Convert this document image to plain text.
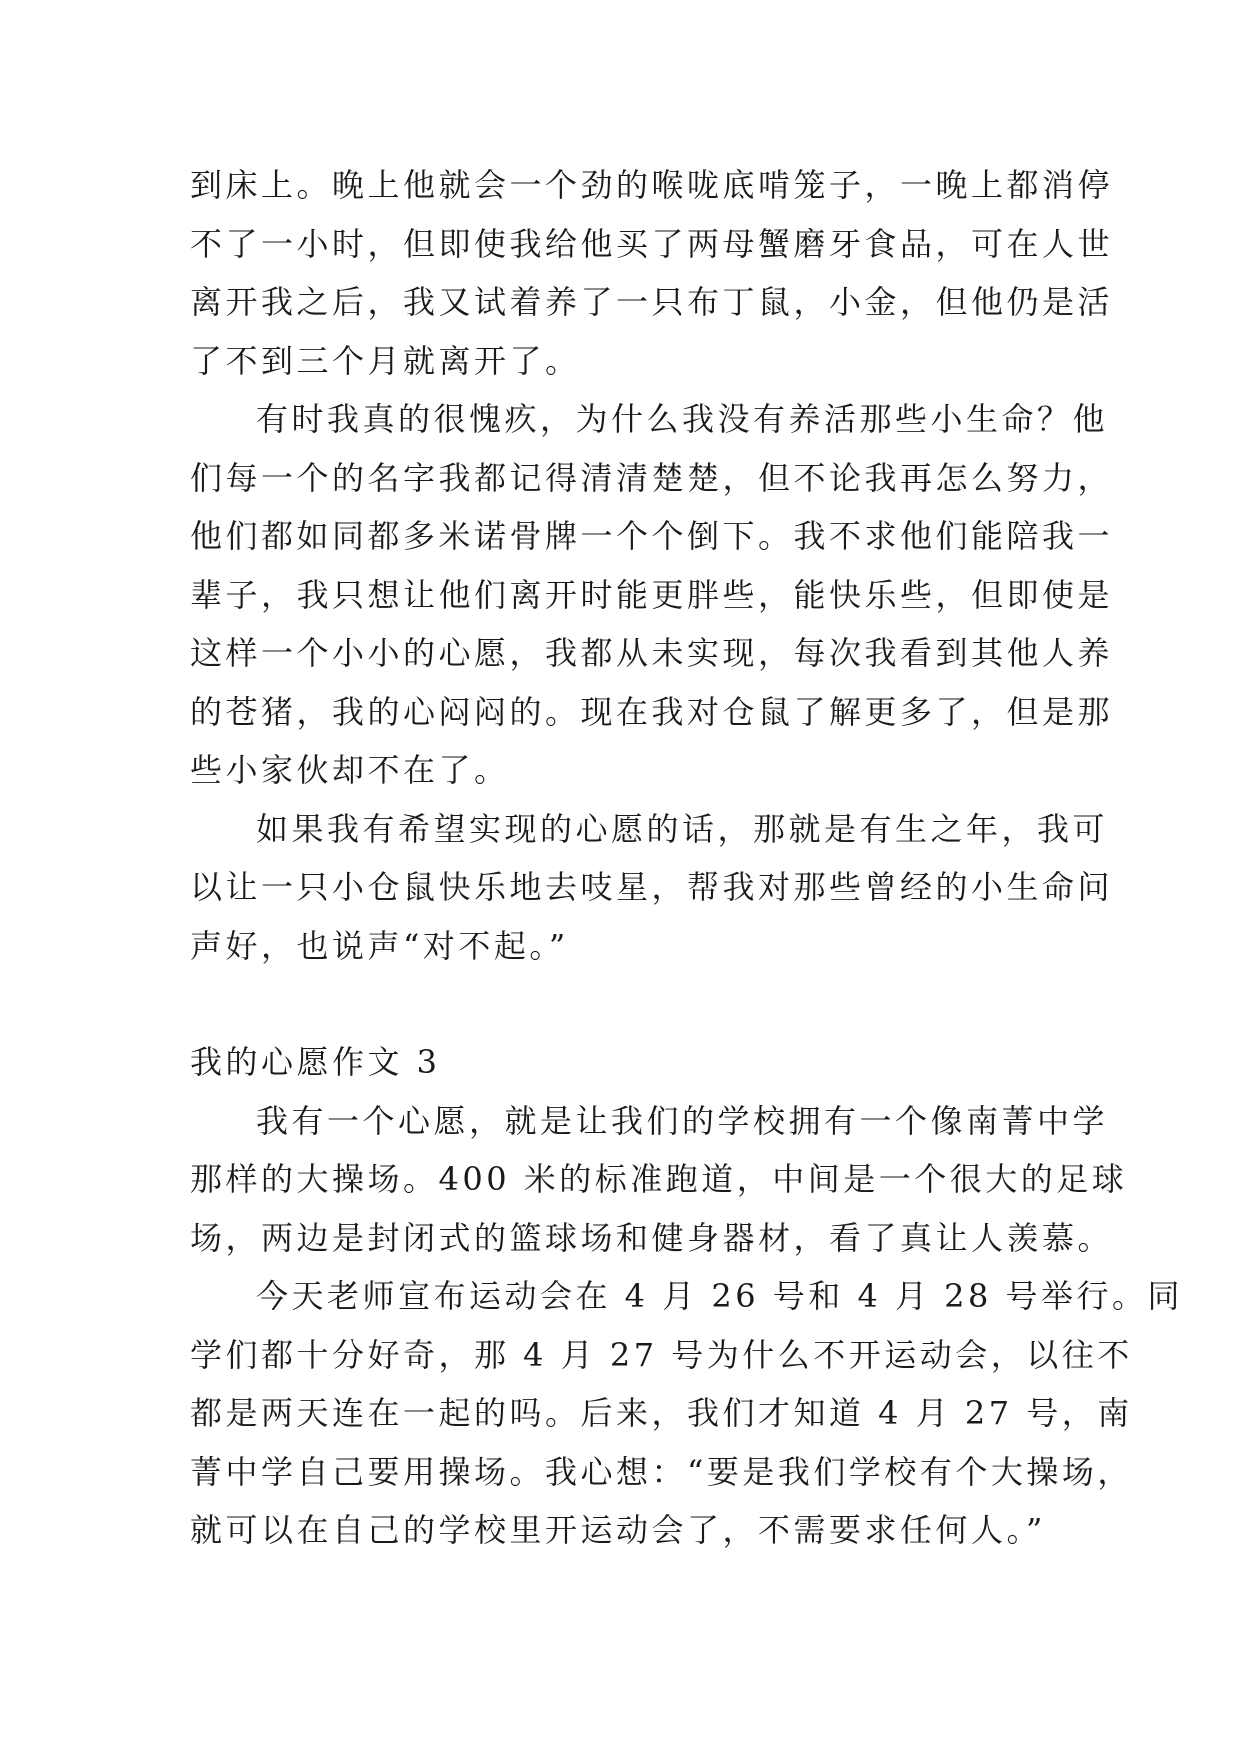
到床上。晚上他就会一个劲的喉咙底啃笼子，一晚上都消停
不了一小时，但即使我给他买了两母蟹磨牙食品，可在人世
离开我之后，我又试着养了一只布丁鼠，小金，但他仍是活
了不到三个月就离开了。
有时我真的很愧疚，为什么我没有养活那些小生命？他
们每一个的名字我都记得清清楚楚，但不论我再怎么努力，
他们都如同都多米诺骨牌一个个倒下。我不求他们能陪我一
辈子，我只想让他们离开时能更胖些，能快乐些，但即使是
这样一个小小的心愿，我都从未实现，每次我看到其他人养
的苍猪，我的心闷闷的。现在我对仓鼠了解更多了，但是那
些小家伙却不在了。
如果我有希望实现的心愿的话，那就是有生之年，我可
以让一只小仓鼠快乐地去吱星，帮我对那些曾经的小生命问
声好，也说声“对不起。”
我的心愿作文 3
我有一个心愿，就是让我们的学校拥有一个像南菁中学
那样的大操场。400 米的标准跑道，中间是一个很大的足球
场，两边是封闭式的篮球场和健身器材，看了真让人羡慕。
今天老师宣布运动会在 4 月 26 号和 4 月 28 号举行。同
学们都十分好奇，那 4 月 27 号为什么不开运动会，以往不
都是两天连在一起的吗。后来，我们才知道 4 月 27 号，南
菁中学自己要用操场。我心想：“要是我们学校有个大操场，
就可以在自己的学校里开运动会了，不需要求任何人。”
